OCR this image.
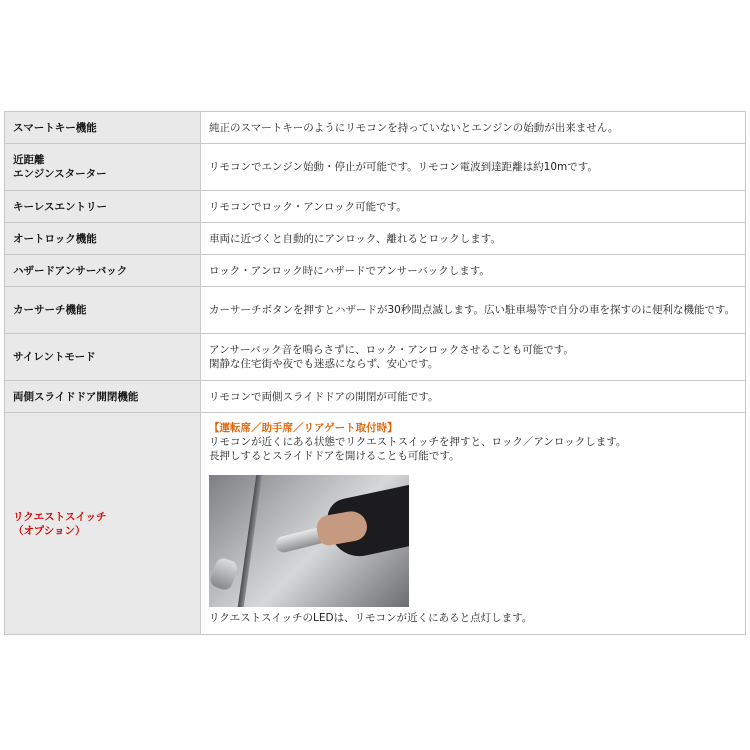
スマートキー機能	純正のスマートキーのようにリモコンを持っていないとエンジンの始動が出来ません。

近距離
エンジンスターター	リモコンでエンジン始動・停止が可能です。リモコン電波到達距離は約10mです。

キーレスエントリー	リモコンでロック・アンロック可能です。

オートロック機能	車両に近づくと自動的にアンロック、離れるとロックします。

ハザードアンサーバック	ロック・アンロック時にハザードでアンサーバックします。

カーサーチ機能	カーサーチボタンを押すとハザードが30秒間点滅します。広い駐車場等で自分の車を探すのに便利な機能です。

サイレントモード	アンサーバック音を鳴らさずに、ロック・アンロックさせることも可能です。
閑静な住宅街や夜でも迷惑にならず、安心です。

両側スライドドア開閉機能	リモコンで両側スライドドアの開閉が可能です。

リクエストスイッチ
（オプション）	【運転席／助手席／リアゲート取付時】
リモコンが近くにある状態でリクエストスイッチを押すと、ロック／アンロックします。
長押しするとスライドドアを開けることも可能です。
リクエストスイッチのLEDは、リモコンが近くにあると点灯します。
